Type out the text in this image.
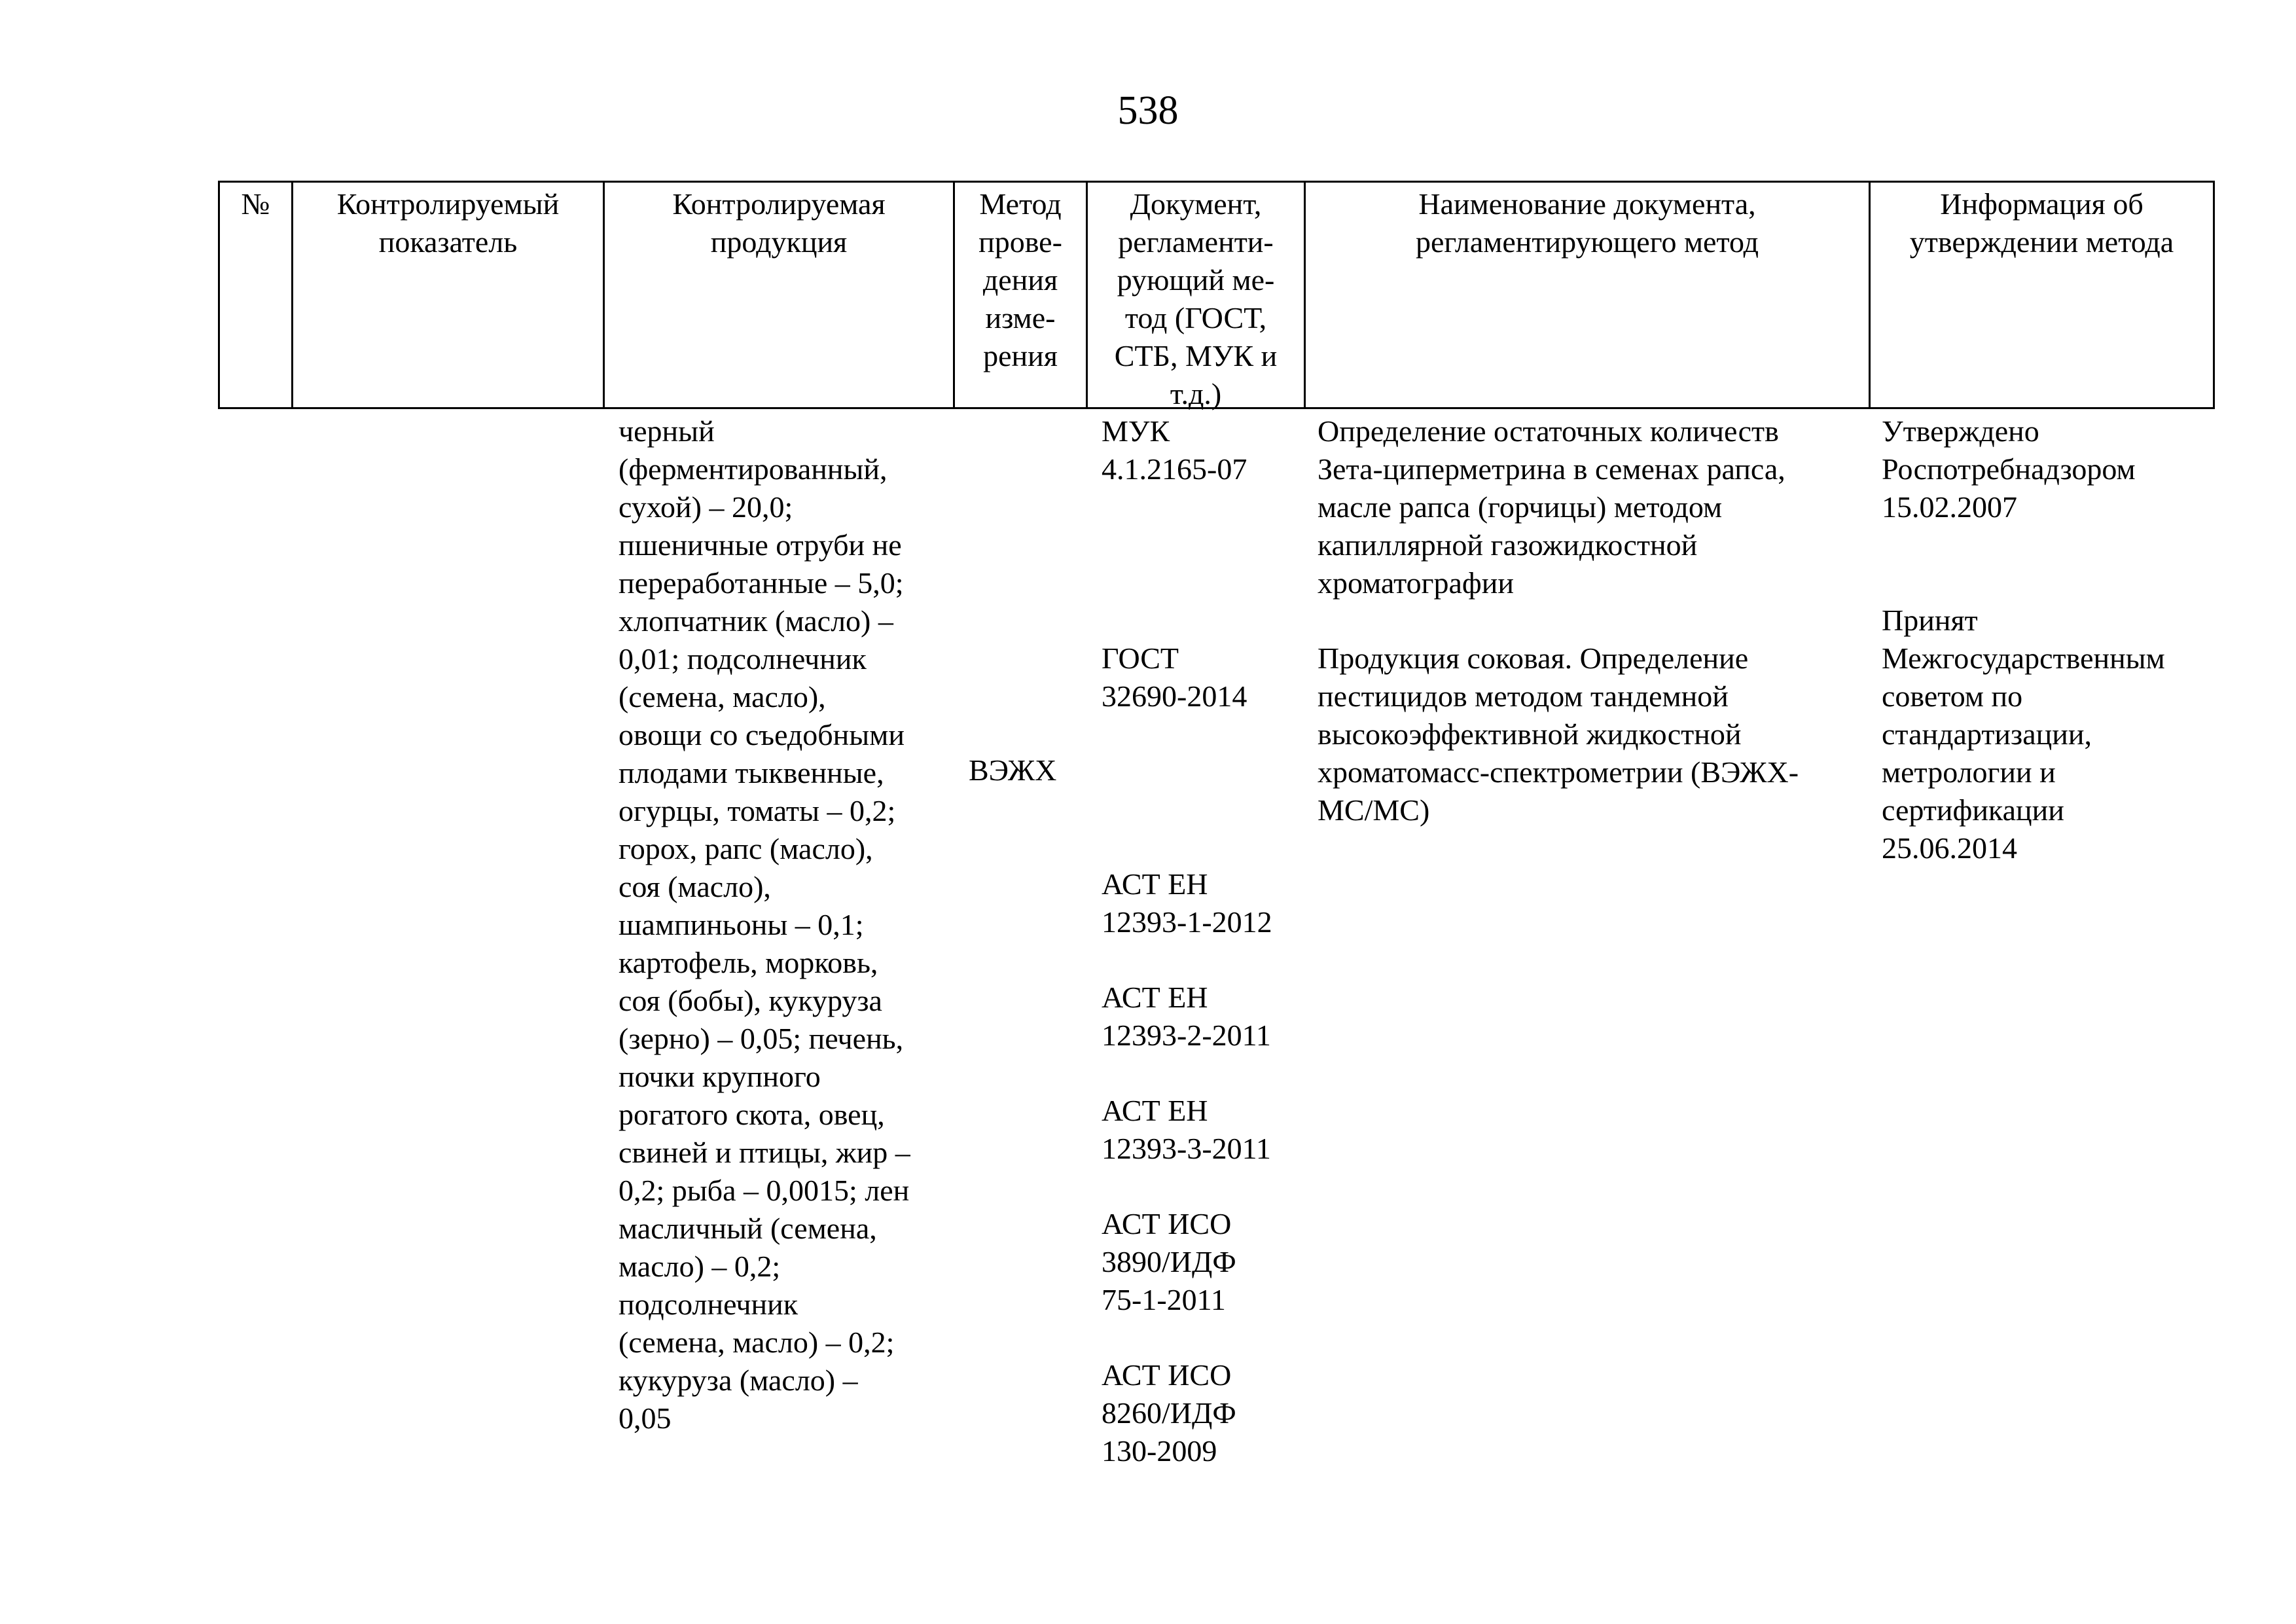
538
№	Контролируемый
показатель
Контролируемая
продукция
Метод
прове-
дения
изме-
рения
Документ,
регламенти-
рующий ме-
тод (ГОСТ,
СТБ, МУК и
т.д.)
Наименование документа,
регламентирующего метод
Информация об
утверждении метода
черный
(ферментированный,
сухой) – 20,0;
пшеничные отруби не
переработанные – 5,0;
хлопчатник (масло) –
0,01; подсолнечник
(семена, масло),
овощи со съедобными
плодами тыквенные,
огурцы, томаты – 0,2;
горох, рапс (масло),
соя (масло),
шампиньоны – 0,1;
картофель, морковь,
соя (бобы), кукуруза
(зерно) – 0,05; печень,
почки крупного
рогатого скота, овец,
свиней и птицы, жир –
0,2; рыба – 0,0015; лен
масличный (семена,
масло) – 0,2;
подсолнечник
(семена, масло) – 0,2;
кукуруза (масло) –
0,05
ВЭЖХ
МУК
4.1.2165-07
ГОСТ
32690-2014
АСТ ЕН
12393-1-2012
АСТ ЕН
12393-2-2011
АСТ ЕН
12393-3-2011
АСТ ИСО
3890/ИДФ
75-1-2011
АСТ ИСО
8260/ИДФ
130-2009
Определение остаточных количеств
Зета-циперметрина в семенах рапса,
масле рапса (горчицы) методом
капиллярной газожидкостной
хроматографии
Продукция соковая. Определение
пестицидов методом тандемной
высокоэффективной жидкостной
хроматомасс-спектрометрии (ВЭЖХ-
МС/МС)
Утверждено
Роспотребнадзором
15.02.2007
Принят
Межгосударственным
советом по
стандартизации,
метрологии и
сертификации
25.06.2014
